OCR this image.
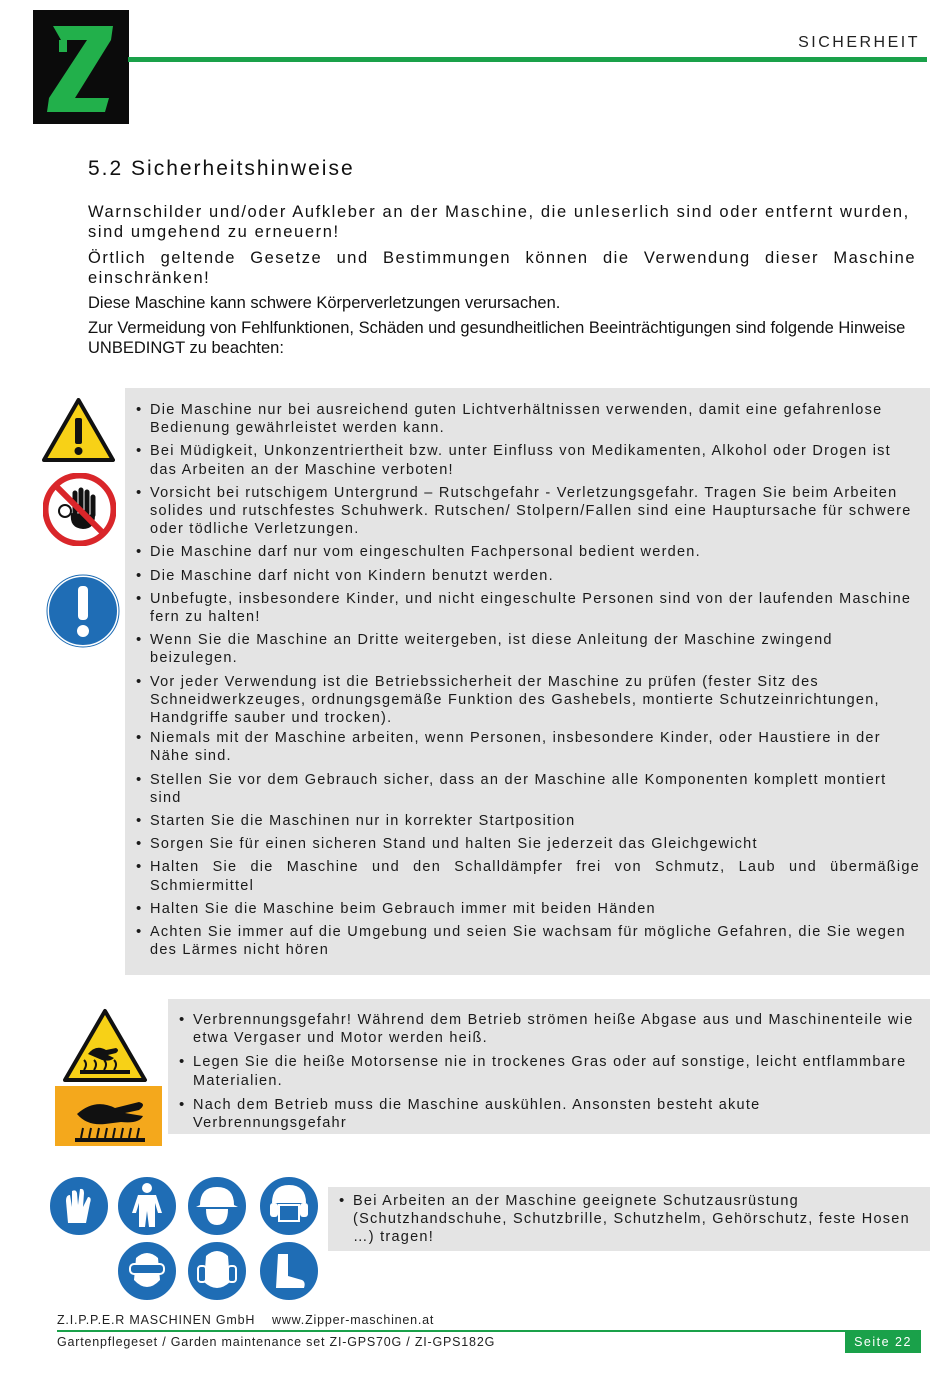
SICHERHEIT
5.2 Sicherheitshinweise
Warnschilder und/oder Aufkleber an der Maschine, die unleserlich sind oder entfernt wurden, sind umgehend zu erneuern!
Örtlich geltende Gesetze und Bestimmungen können die Verwendung dieser Maschine einschränken!
Diese Maschine kann schwere Körperverletzungen verursachen.
Zur Vermeidung von Fehlfunktionen, Schäden und gesundheitlichen Beeinträchtigungen sind folgende Hinweise UNBEDINGT zu beachten:
• Die Maschine nur bei ausreichend guten Lichtverhältnissen verwenden, damit eine gefahrenlose Bedienung gewährleistet werden kann.
• Bei Müdigkeit, Unkonzentriertheit bzw. unter Einfluss von Medikamenten, Alkohol oder Drogen ist das Arbeiten an der Maschine verboten!
• Vorsicht bei rutschigem Untergrund – Rutschgefahr - Verletzungsgefahr. Tragen Sie beim Arbeiten solides und rutschfestes Schuhwerk. Rutschen/ Stolpern/Fallen sind eine Hauptursache für schwere oder tödliche Verletzungen.
• Die Maschine darf nur vom eingeschulten Fachpersonal bedient werden.
• Die Maschine darf nicht von Kindern benutzt werden.
• Unbefugte, insbesondere Kinder, und nicht eingeschulte Personen sind von der laufenden Maschine fern zu halten!
• Wenn Sie die Maschine an Dritte weitergeben, ist diese Anleitung der Maschine zwingend beizulegen.
• Vor jeder Verwendung ist die Betriebssicherheit der Maschine zu prüfen (fester Sitz des Schneidwerkzeuges, ordnungsgemäße Funktion des Gashebels, montierte Schutzeinrichtungen, Handgriffe sauber und trocken).
• Niemals mit der Maschine arbeiten, wenn Personen, insbesondere Kinder, oder Haustiere in der Nähe sind.
• Stellen Sie vor dem Gebrauch sicher, dass an der Maschine alle Komponenten komplett montiert sind
• Starten Sie die Maschinen nur in korrekter Startposition
• Sorgen Sie für einen sicheren Stand und halten Sie jederzeit das Gleichgewicht
• Halten Sie die Maschine und den Schalldämpfer frei von Schmutz, Laub und übermäßige Schmiermittel
• Halten Sie die Maschine beim Gebrauch immer mit beiden Händen
• Achten Sie immer auf die Umgebung und seien Sie wachsam für mögliche Gefahren, die Sie wegen des Lärmes nicht hören
• Verbrennungsgefahr! Während dem Betrieb strömen heiße Abgase aus und Maschinenteile wie etwa Vergaser und Motor werden heiß.
• Legen Sie die heiße Motorsense nie in trockenes Gras oder auf sonstige, leicht entflammbare Materialien.
• Nach dem Betrieb muss die Maschine auskühlen. Ansonsten besteht akute Verbrennungsgefahr
• Bei Arbeiten an der Maschine geeignete Schutzausrüstung (Schutzhandschuhe, Schutzbrille, Schutzhelm, Gehörschutz, feste Hosen …) tragen!
Z.I.P.P.E.R MASCHINEN GmbH www.Zipper-maschinen.at
Gartenpflegeset / Garden maintenance set ZI-GPS70G / ZI-GPS182G	Seite 22
